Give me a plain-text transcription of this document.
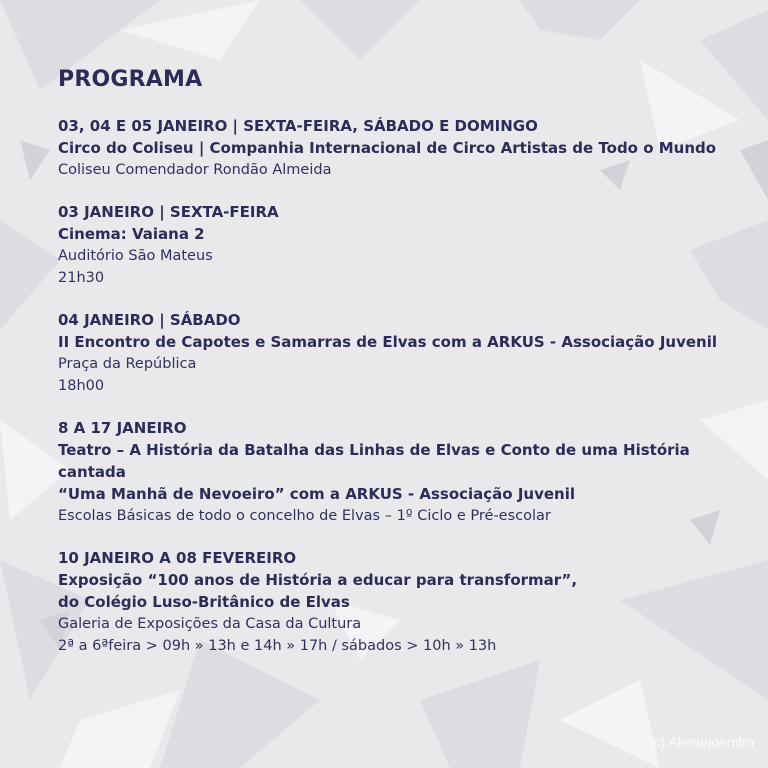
PROGRAMA
03, 04 E 05 JANEIRO | SEXTA-FEIRA, SÁBADO E DOMINGO
Circo do Coliseu | Companhia Internacional de Circo Artistas de Todo o Mundo
Coliseu Comendador Rondão Almeida
03 JANEIRO | SEXTA-FEIRA
Cinema: Vaiana 2
Auditório São Mateus
21h30
04 JANEIRO | SÁBADO
II Encontro de Capotes e Samarras de Elvas com a ARKUS - Associação Juvenil
Praça da República
18h00
8 A 17 JANEIRO
Teatro – A História da Batalha das Linhas de Elvas e Conto de uma História cantada
“Uma Manhã de Nevoeiro” com a ARKUS - Associação Juvenil
Escolas Básicas de todo o concelho de Elvas – 1º Ciclo e Pré-escolar
10 JANEIRO A 08 FEVEREIRO
Exposição “100 anos de História a educar para transformar”,
do Colégio Luso-Britânico de Elvas
Galeria de Exposições da Casa da Cultura
2ª a 6ªfeira > 09h » 13h e 14h » 17h / sábados > 10h » 13h
(c) Alentejoemfm
